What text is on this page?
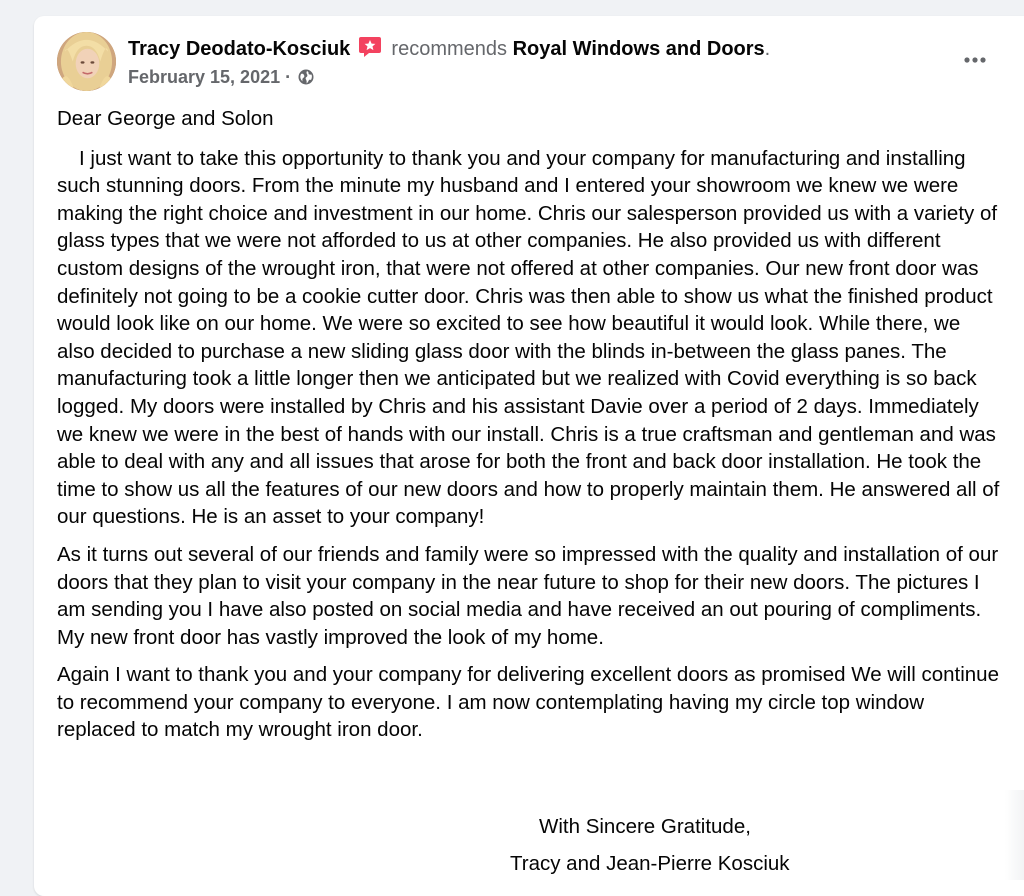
Tracy Deodato-Kosciuk recommends Royal Windows and Doors.
February 15, 2021 ·

Dear George and Solon

I just want to take this opportunity to thank you and your company for manufacturing and installing such stunning doors. From the minute my husband and I entered your showroom we knew we were making the right choice and investment in our home. Chris our salesperson provided us with a variety of glass types that we were not afforded to us at other companies. He also provided us with different custom designs of the wrought iron, that were not offered at other companies. Our new front door was definitely not going to be a cookie cutter door. Chris was then able to show us what the finished product would look like on our home. We were so excited to see how beautiful it would look. While there, we also decided to purchase a new sliding glass door with the blinds in-between the glass panes. The manufacturing took a little longer then we anticipated but we realized with Covid everything is so back logged. My doors were installed by Chris and his assistant Davie over a period of 2 days. Immediately we knew we were in the best of hands with our install. Chris is a true craftsman and gentleman and was able to deal with any and all issues that arose for both the front and back door installation. He took the time to show us all the features of our new doors and how to properly maintain them. He answered all of our questions. He is an asset to your company!

As it turns out several of our friends and family were so impressed with the quality and installation of our doors that they plan to visit your company in the near future to shop for their new doors. The pictures I am sending you I have also posted on social media and have received an out pouring of compliments. My new front door has vastly improved the look of my home.

Again I want to thank you and your company for delivering excellent doors as promised We will continue to recommend your company to everyone. I am now contemplating having my circle top window replaced to match my wrought iron door.

With Sincere Gratitude,
Tracy and Jean-Pierre Kosciuk
